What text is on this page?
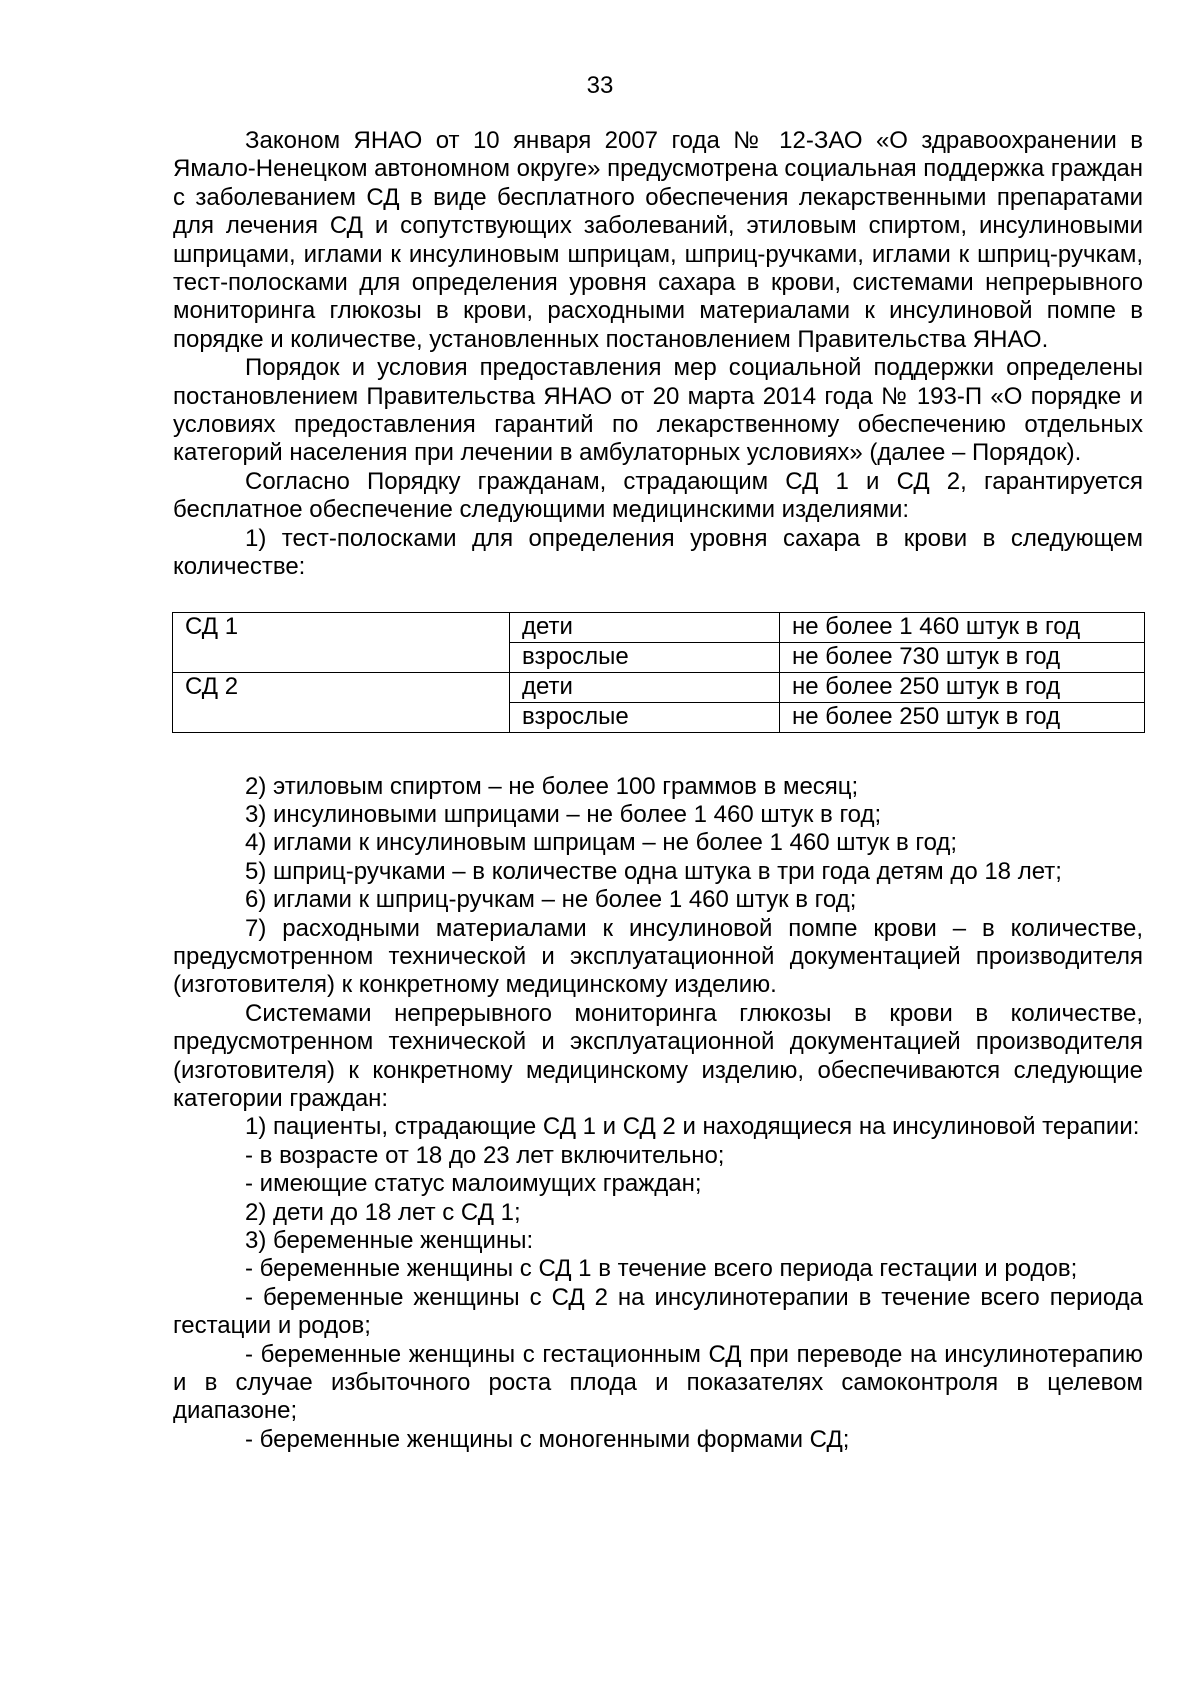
33

Законом ЯНАО от 10 января 2007 года № 12-ЗАО «О здравоохранении в Ямало-Ненецком автономном округе» предусмотрена социальная поддержка граждан с заболеванием СД в виде бесплатного обеспечения лекарственными препаратами для лечения СД и сопутствующих заболеваний, этиловым спиртом, инсулиновыми шприцами, иглами к инсулиновым шприцам, шприц-ручками, иглами к шприц-ручкам, тест-полосками для определения уровня сахара в крови, системами непрерывного мониторинга глюкозы в крови, расходными материалами к инсулиновой помпе в порядке и количестве, установленных постановлением Правительства ЯНАО.

Порядок и условия предоставления мер социальной поддержки определены постановлением Правительства ЯНАО от 20 марта 2014 года № 193-П «О порядке и условиях предоставления гарантий по лекарственному обеспечению отдельных категорий населения при лечении в амбулаторных условиях» (далее – Порядок).

Согласно Порядку гражданам, страдающим СД 1 и СД 2, гарантируется бесплатное обеспечение следующими медицинскими изделиями:

1) тест-полосками для определения уровня сахара в крови в следующем количестве:

СД 1	дети	не более 1 460 штук в год
	взрослые	не более 730 штук в год
СД 2	дети	не более 250 штук в год
	взрослые	не более 250 штук в год

2) этиловым спиртом – не более 100 граммов в месяц;

3) инсулиновыми шприцами – не более 1 460 штук в год;

4) иглами к инсулиновым шприцам – не более 1 460 штук в год;

5) шприц-ручками – в количестве одна штука в три года детям до 18 лет;

6) иглами к шприц-ручкам – не более 1 460 штук в год;

7) расходными материалами к инсулиновой помпе крови – в количестве, предусмотренном технической и эксплуатационной документацией производителя (изготовителя) к конкретному медицинскому изделию.

Системами непрерывного мониторинга глюкозы в крови в количестве, предусмотренном технической и эксплуатационной документацией производителя (изготовителя) к конкретному медицинскому изделию, обеспечиваются следующие категории граждан:

1) пациенты, страдающие СД 1 и СД 2 и находящиеся на инсулиновой терапии:

- в возрасте от 18 до 23 лет включительно;

- имеющие статус малоимущих граждан;

2) дети до 18 лет с СД 1;

3) беременные женщины:

- беременные женщины с СД 1 в течение всего периода гестации и родов;

- беременные женщины с СД 2 на инсулинотерапии в течение всего периода гестации и родов;

- беременные женщины с гестационным СД при переводе на инсулинотерапию и в случае избыточного роста плода и показателях самоконтроля в целевом диапазоне;

- беременные женщины с моногенными формами СД;
